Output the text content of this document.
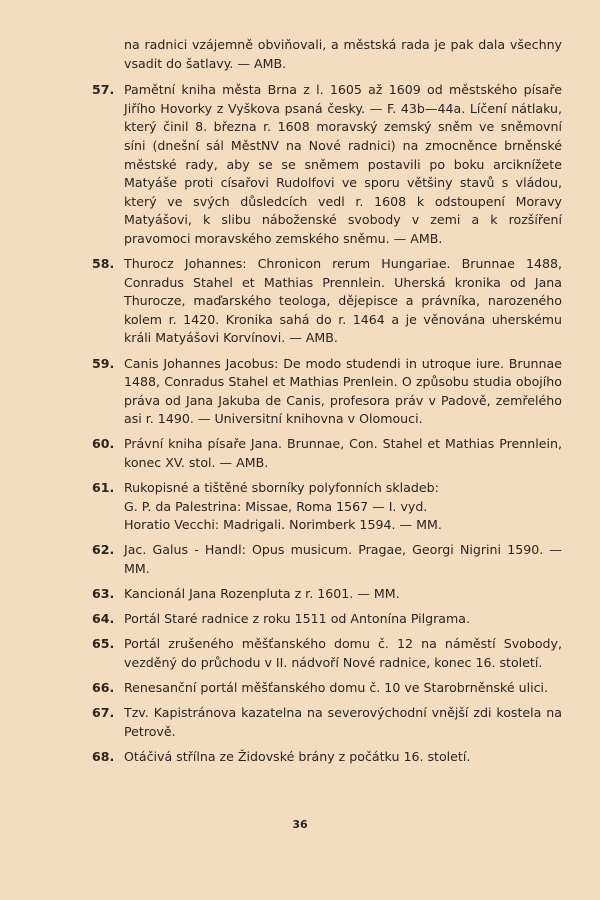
na radnici vzájemně obviňovali, a městská rada je pak dala všechny vsadit do šatlavy. — AMB.
57. Pamětní kniha města Brna z l. 1605 až 1609 od městského písaře Jiřího Hovorky z Vyškova psaná česky. — F. 43b—44a. Líčení nátlaku, který činil 8. března r. 1608 moravský zemský sněm ve sněmovní síni (dnešní sál MěstNV na Nové radnici) na zmocněnce brněnské městské rady, aby se se sněmem postavili po boku arciknížete Matyáše proti císařovi Rudolfovi ve sporu většiny stavů s vládou, který ve svých důsledcích vedl r. 1608 k odstoupení Moravy Matyášovi, k slibu náboženské svobody v zemi a k rozšíření pravomoci moravského zemského sněmu. — AMB.
58. Thurocz Johannes: Chronicon rerum Hungariae. Brunnae 1488, Conradus Stahel et Mathias Prennlein. Uherská kronika od Jana Thurocze, maďarského teologa, dějepisce a právníka, narozeného kolem r. 1420. Kronika sahá do r. 1464 a je věnována uherskému králi Matyášovi Korvínovi. — AMB.
59. Canis Johannes Jacobus: De modo studendi in utroque iure. Brunnae 1488, Conradus Stahel et Mathias Prenlein. O způsobu studia obojího práva od Jana Jakuba de Canis, profesora práv v Padově, zemřelého asi r. 1490. — Universitní knihovna v Olomouci.
60. Právní kniha písaře Jana. Brunnae, Con. Stahel et Mathias Prennlein, konec XV. stol. — AMB.
61. Rukopisné a tištěné sborníky polyfonních skladeb:
G. P. da Palestrina: Missae, Roma 1567 — I. vyd.
Horatio Vecchi: Madrigali. Norimberk 1594. — MM.
62. Jac. Galus - Handl: Opus musicum. Pragae, Georgi Nigrini 1590. — MM.
63. Kancionál Jana Rozenpluta z r. 1601. — MM.
64. Portál Staré radnice z roku 1511 od Antonína Pilgrama.
65. Portál zrušeného měšťanského domu č. 12 na náměstí Svobody, vezděný do průchodu v II. nádvoří Nové radnice, konec 16. století.
66. Renesanční portál měšťanského domu č. 10 ve Starobrněnské ulici.
67. Tzv. Kapistránova kazatelna na severovýchodní vnější zdi kostela na Petrově.
68. Otáčivá střílna ze Židovské brány z počátku 16. století.
36
